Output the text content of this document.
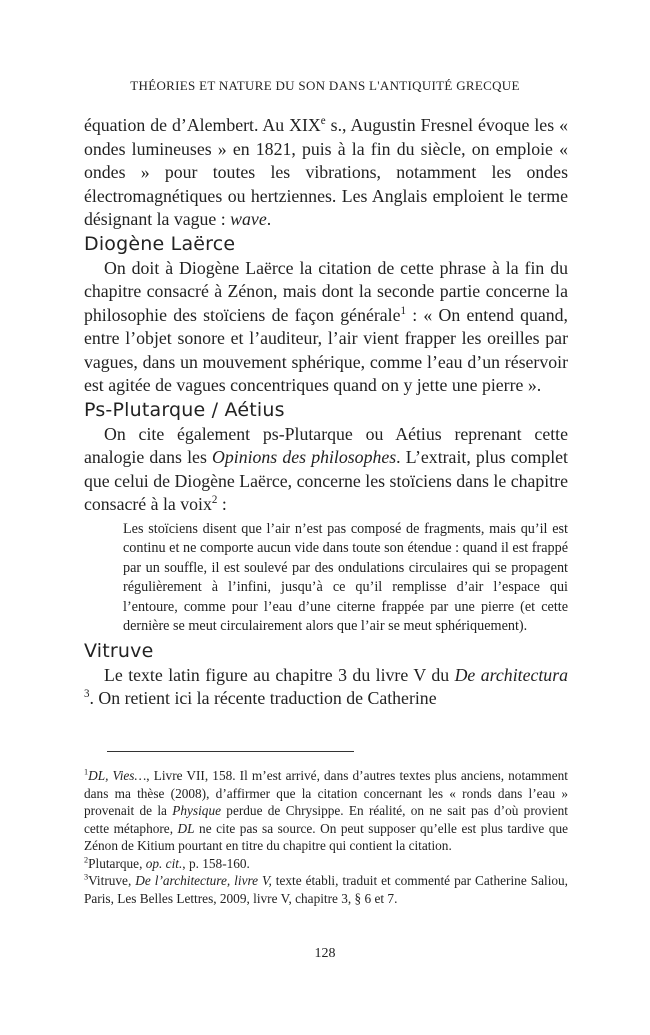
THÉORIES ET NATURE DU SON DANS L'ANTIQUITÉ GRECQUE

équation de d’Alembert. Au XIXe s., Augustin Fresnel évoque les « ondes lumineuses » en 1821, puis à la fin du siècle, on emploie « ondes » pour toutes les vibrations, notamment les ondes électromagnétiques ou hertziennes. Les Anglais emploient le terme désignant la vague : wave.

Diogène Laërce

On doit à Diogène Laërce la citation de cette phrase à la fin du chapitre consacré à Zénon, mais dont la seconde partie concerne la philosophie des stoïciens de façon générale$^1$ : « On entend quand, entre l’objet sonore et l’auditeur, l’air vient frapper les oreilles par vagues, dans un mouvement sphérique, comme l’eau d’un réservoir est agitée de vagues concentriques quand on y jette une pierre ».

Ps-Plutarque / Aétius

On cite également ps-Plutarque ou Aétius reprenant cette analogie dans les Opinions des philosophes. L’extrait, plus complet que celui de Diogène Laërce, concerne les stoïciens dans le chapitre consacré à la voix$^2$ :

Les stoïciens disent que l’air n’est pas composé de fragments, mais qu’il est continu et ne comporte aucun vide dans toute son étendue : quand il est frappé par un souffle, il est soulevé par des ondulations circulaires qui se propagent régulièrement à l’infini, jusqu’à ce qu’il remplisse d’air l’espace qui l’entoure, comme pour l’eau d’une citerne frappée par une pierre (et cette dernière se meut circulairement alors que l’air se meut sphériquement).
Vitruve

Le texte latin figure au chapitre 3 du livre V du De architectura $^3$. On retient ici la récente traduction de Catherine

$^1$DL, Vies…, Livre VII, 158. Il m’est arrivé, dans d’autres textes plus anciens, notamment dans ma thèse (2008), d’affirmer que la citation concernant les « ronds dans l’eau » provenait de la Physique perdue de Chrysippe. En réalité, on ne sait pas d’où provient cette métaphore, DL ne cite pas sa source. On peut supposer qu’elle est plus tardive que Zénon de Kitium pourtant en titre du chapitre qui contient la citation.

$^2$Plutarque, op. cit., p. 158-160.

$^3$Vitruve, De l’architecture, livre V, texte établi, traduit et commenté par Catherine Saliou, Paris, Les Belles Lettres, 2009, livre V, chapitre 3, § 6 et 7.

128
